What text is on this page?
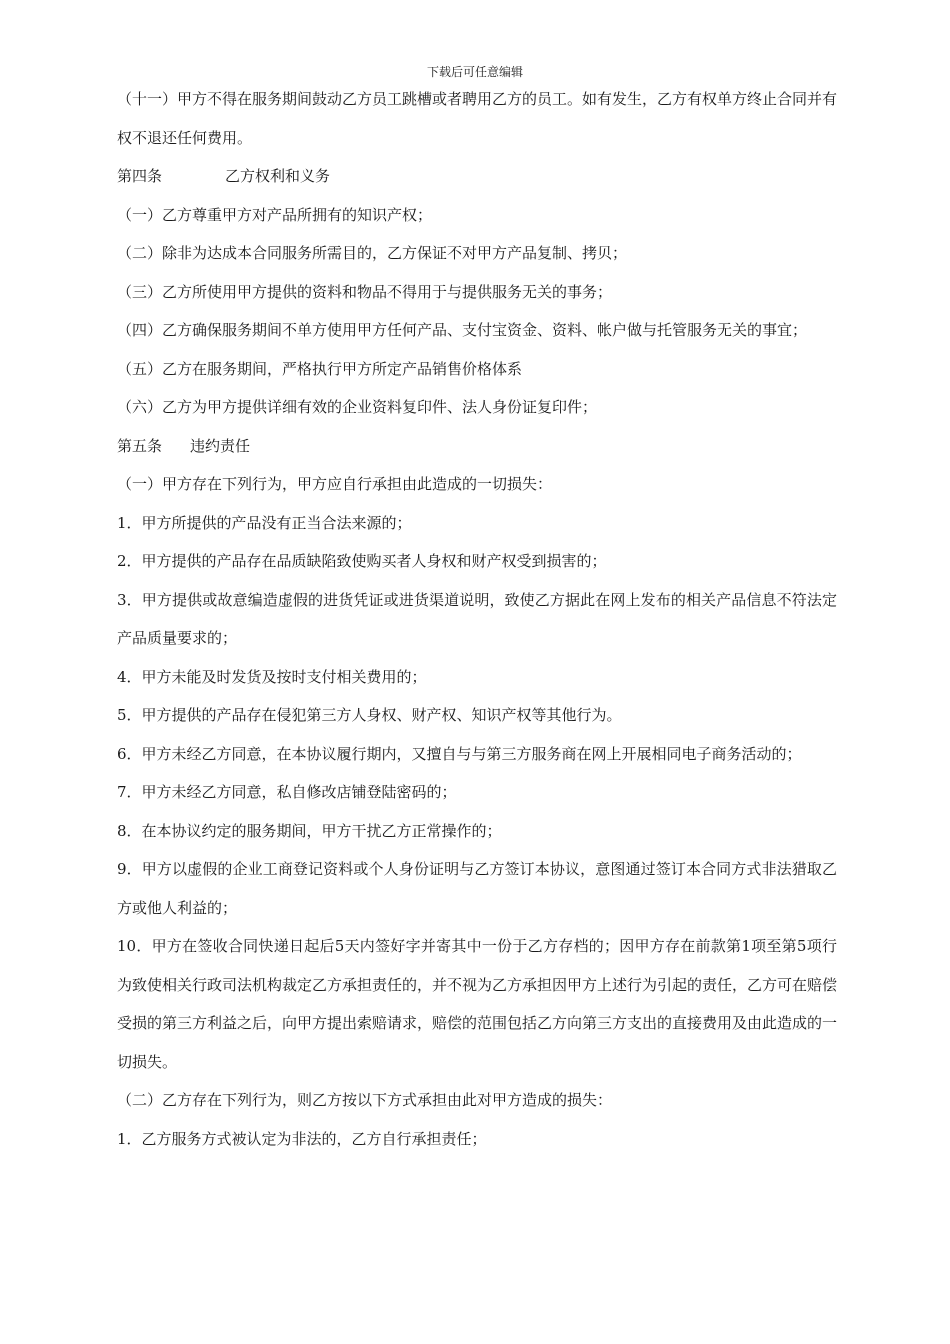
下载后可任意编辑

（十一）甲方不得在服务期间鼓动乙方员工跳槽或者聘用乙方的员工。如有发生，乙方有权单方终止合同并有权不退还任何费用。

第四条	乙方权利和义务

（一）乙方尊重甲方对产品所拥有的知识产权；

（二）除非为达成本合同服务所需目的，乙方保证不对甲方产品复制、拷贝；

（三）乙方所使用甲方提供的资料和物品不得用于与提供服务无关的事务；

（四）乙方确保服务期间不单方使用甲方任何产品、支付宝资金、资料、帐户做与托管服务无关的事宜；

（五）乙方在服务期间，严格执行甲方所定产品销售价格体系

（六）乙方为甲方提供详细有效的企业资料复印件、法人身份证复印件；

第五条 违约责任

（一）甲方存在下列行为，甲方应自行承担由此造成的一切损失：

1．甲方所提供的产品没有正当合法来源的；

2．甲方提供的产品存在品质缺陷致使购买者人身权和财产权受到损害的；

3．甲方提供或故意编造虚假的进货凭证或进货渠道说明，致使乙方据此在网上发布的相关产品信息不符法定产品质量要求的；

4．甲方未能及时发货及按时支付相关费用的；

5．甲方提供的产品存在侵犯第三方人身权、财产权、知识产权等其他行为。

6．甲方未经乙方同意，在本协议履行期内，又擅自与与第三方服务商在网上开展相同电子商务活动的；

7．甲方未经乙方同意，私自修改店铺登陆密码的；

8．在本协议约定的服务期间，甲方干扰乙方正常操作的；

9．甲方以虚假的企业工商登记资料或个人身份证明与乙方签订本协议，意图通过签订本合同方式非法猎取乙方或他人利益的；

10．甲方在签收合同快递日起后5天内签好字并寄其中一份于乙方存档的；因甲方存在前款第1项至第5项行为致使相关行政司法机构裁定乙方承担责任的，并不视为乙方承担因甲方上述行为引起的责任，乙方可在赔偿受损的第三方利益之后，向甲方提出索赔请求，赔偿的范围包括乙方向第三方支出的直接费用及由此造成的一切损失。

（二）乙方存在下列行为，则乙方按以下方式承担由此对甲方造成的损失：

1．乙方服务方式被认定为非法的，乙方自行承担责任；
